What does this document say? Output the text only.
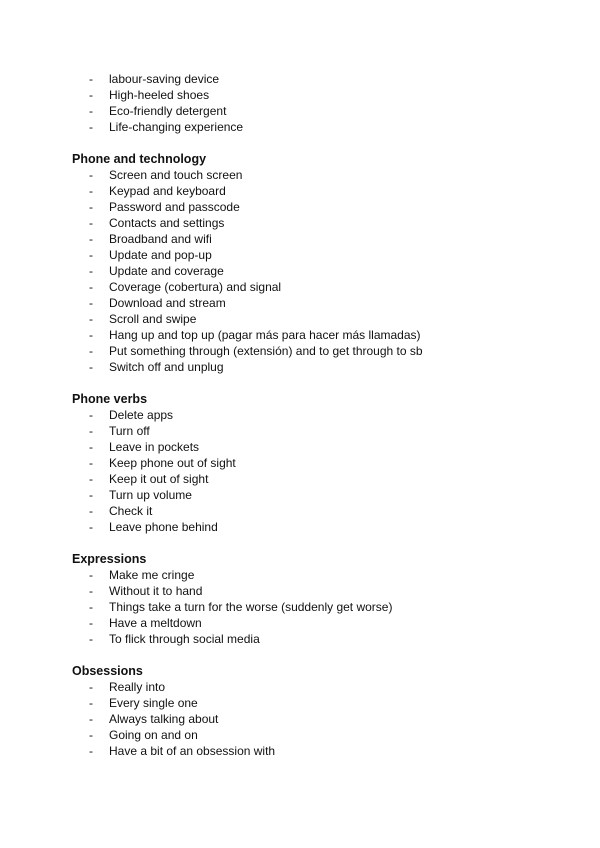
- labour-saving device
- High-heeled shoes
- Eco-friendly detergent
- Life-changing experience
Phone and technology
- Screen and touch screen
- Keypad and keyboard
- Password and passcode
- Contacts and settings
- Broadband and wifi
- Update and pop-up
- Update and coverage
- Coverage (cobertura) and signal
- Download and stream
- Scroll and swipe
- Hang up and top up (pagar más para hacer más llamadas)
- Put something through (extensión) and to get through to sb
- Switch off and unplug
Phone verbs
- Delete apps
- Turn off
- Leave in pockets
- Keep phone out of sight
- Keep it out of sight
- Turn up volume
- Check it
- Leave phone behind
Expressions
- Make me cringe
- Without it to hand
- Things take a turn for the worse (suddenly get worse)
- Have a meltdown
- To flick through social media
Obsessions
- Really into
- Every single one
- Always talking about
- Going on and on
- Have a bit of an obsession with
